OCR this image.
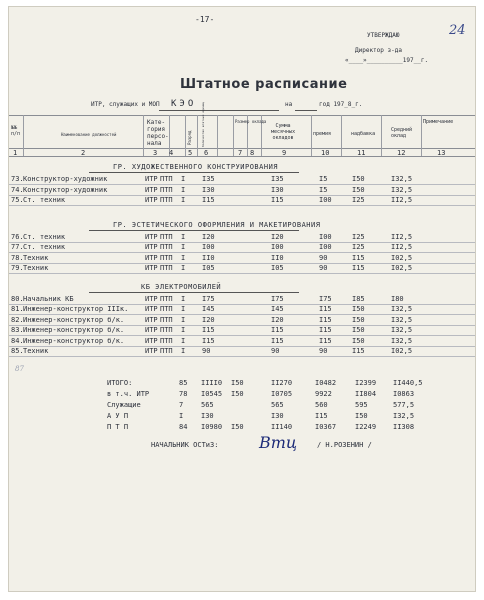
-17-
УТВЕРЖДАЮ	24
Директор з-да
«____»__________197__г.
Штатное расписание
ИТР, служащих и МОП КЭО	на	год 197_8_г.
№№ п/п	Наименование должностей
Кате-
гория
персо-
нала	Разряд	Количество штатных единиц	Размер оклада
Сумма
месячных
окладов
премия	надбавка
Средний
оклад
Примечание
1	2	3 4 5 6	7 8	9	10	11	12	13
ГР. ХУДОЖЕСТВЕННОГО КОНСТРУИРОВАНИЯ
73. Конструктор-художник	ИТР ПТП I I35	I35	I5	I50	I32,5
74. Конструктор-художник	ИТР ПТП I I30	I30	I5	I50	I32,5
75. Ст. техник	ИТР ПТП I I15	I15	I00	I25	II2,5
ГР. ЭСТЕТИЧЕСКОГО ОФОРМЛЕНИЯ И МАКЕТИРОВАНИЯ
76. Ст. техник	ИТР ПТП I I20	I20	I00	I25	II2,5
77. Ст. техник	ИТР ПТП I I00	I00	I00	I25	II2,5
78. Техник	ИТР ПТП I II0	II0	90	I15	I02,5
79. Техник	ИТР ПТП I I05	I05	90	I15	I02,5
КБ ЭЛЕКТРОМОБИЛЕЙ
80. Начальник КБ	ИТР ПТП I I75	I75	I75	I85	I80
81. Инженер-конструктор IIIк. ИТР ПТП I I45	I45	I15	I50	I32,5
82. Инженер-конструктор б/к.	ИТР ПТП I I20	I20	I15	I50	I32,5
83. Инженер-конструктор б/к.	ИТР ПТП I I15	I15	I15	I50	I32,5
84. Инженер-конструктор б/к.	ИТР ПТП I I15	I15	I15	I50	I32,5
85. Техник	ИТР ПТП I 90	90	90	I15	I02,5
87
ИТОГО:	85 IIII0 I50	II270	I0482	I2399 II440,5
в т.ч. ИТР	78 I0545 I50	I0705	9922	II804 I0863
Служащие	7	565	565	560	595	577,5
А У П	I	I30	I30	I15	I50	I32,5
П Т П	84 I0980 I50	II140	I0367	I2249 II308
НАЧАЛЬНИК ОСТиЗ:	Втц	/ Н.РОЗЕНИН /
